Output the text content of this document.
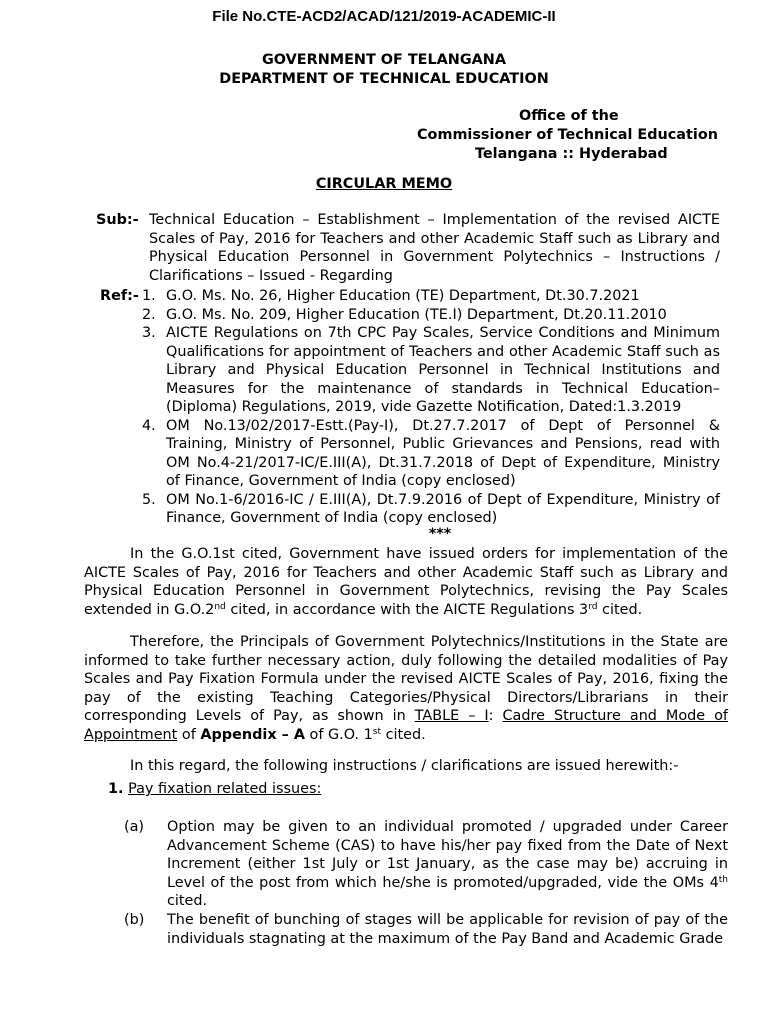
File No.CTE-ACD2/ACAD/121/2019-ACADEMIC-II
GOVERNMENT OF TELANGANA
DEPARTMENT OF TECHNICAL EDUCATION
Office of the
Commissioner of Technical Education
Telangana :: Hyderabad
CIRCULAR MEMO
Sub:- Technical Education – Establishment – Implementation of the revised AICTE Scales of Pay, 2016 for Teachers and other Academic Staff such as Library and Physical Education Personnel in Government Polytechnics – Instructions / Clarifications – Issued - Regarding
Ref:- 1. G.O. Ms. No. 26, Higher Education (TE) Department, Dt.30.7.2021
2. G.O. Ms. No. 209, Higher Education (TE.I) Department, Dt.20.11.2010
3. AICTE Regulations on 7th CPC Pay Scales, Service Conditions and Minimum Qualifications for appointment of Teachers and other Academic Staff such as Library and Physical Education Personnel in Technical Institutions and Measures for the maintenance of standards in Technical Education–(Diploma) Regulations, 2019, vide Gazette Notification, Dated:1.3.2019
4. OM No.13/02/2017-Estt.(Pay-I), Dt.27.7.2017 of Dept of Personnel & Training, Ministry of Personnel, Public Grievances and Pensions, read with OM No.4-21/2017-IC/E.III(A), Dt.31.7.2018 of Dept of Expenditure, Ministry of Finance, Government of India (copy enclosed)
5. OM No.1-6/2016-IC / E.III(A), Dt.7.9.2016 of Dept of Expenditure, Ministry of Finance, Government of India (copy enclosed)
***

In the G.O.1st cited, Government have issued orders for implementation of the AICTE Scales of Pay, 2016 for Teachers and other Academic Staff such as Library and Physical Education Personnel in Government Polytechnics, revising the Pay Scales extended in G.O.2nd cited, in accordance with the AICTE Regulations 3rd cited.

Therefore, the Principals of Government Polytechnics/Institutions in the State are informed to take further necessary action, duly following the detailed modalities of Pay Scales and Pay Fixation Formula under the revised AICTE Scales of Pay, 2016, fixing the pay of the existing Teaching Categories/Physical Directors/Librarians in their corresponding Levels of Pay, as shown in TABLE – I: Cadre Structure and Mode of Appointment of Appendix – A of G.O. 1st cited.

In this regard, the following instructions / clarifications are issued herewith:-

1. Pay fixation related issues:
(a) Option may be given to an individual promoted / upgraded under Career Advancement Scheme (CAS) to have his/her pay fixed from the Date of Next Increment (either 1st July or 1st January, as the case may be) accruing in Level of the post from which he/she is promoted/upgraded, vide the OMs 4th cited.
(b) The benefit of bunching of stages will be applicable for revision of pay of the individuals stagnating at the maximum of the Pay Band and Academic Grade
